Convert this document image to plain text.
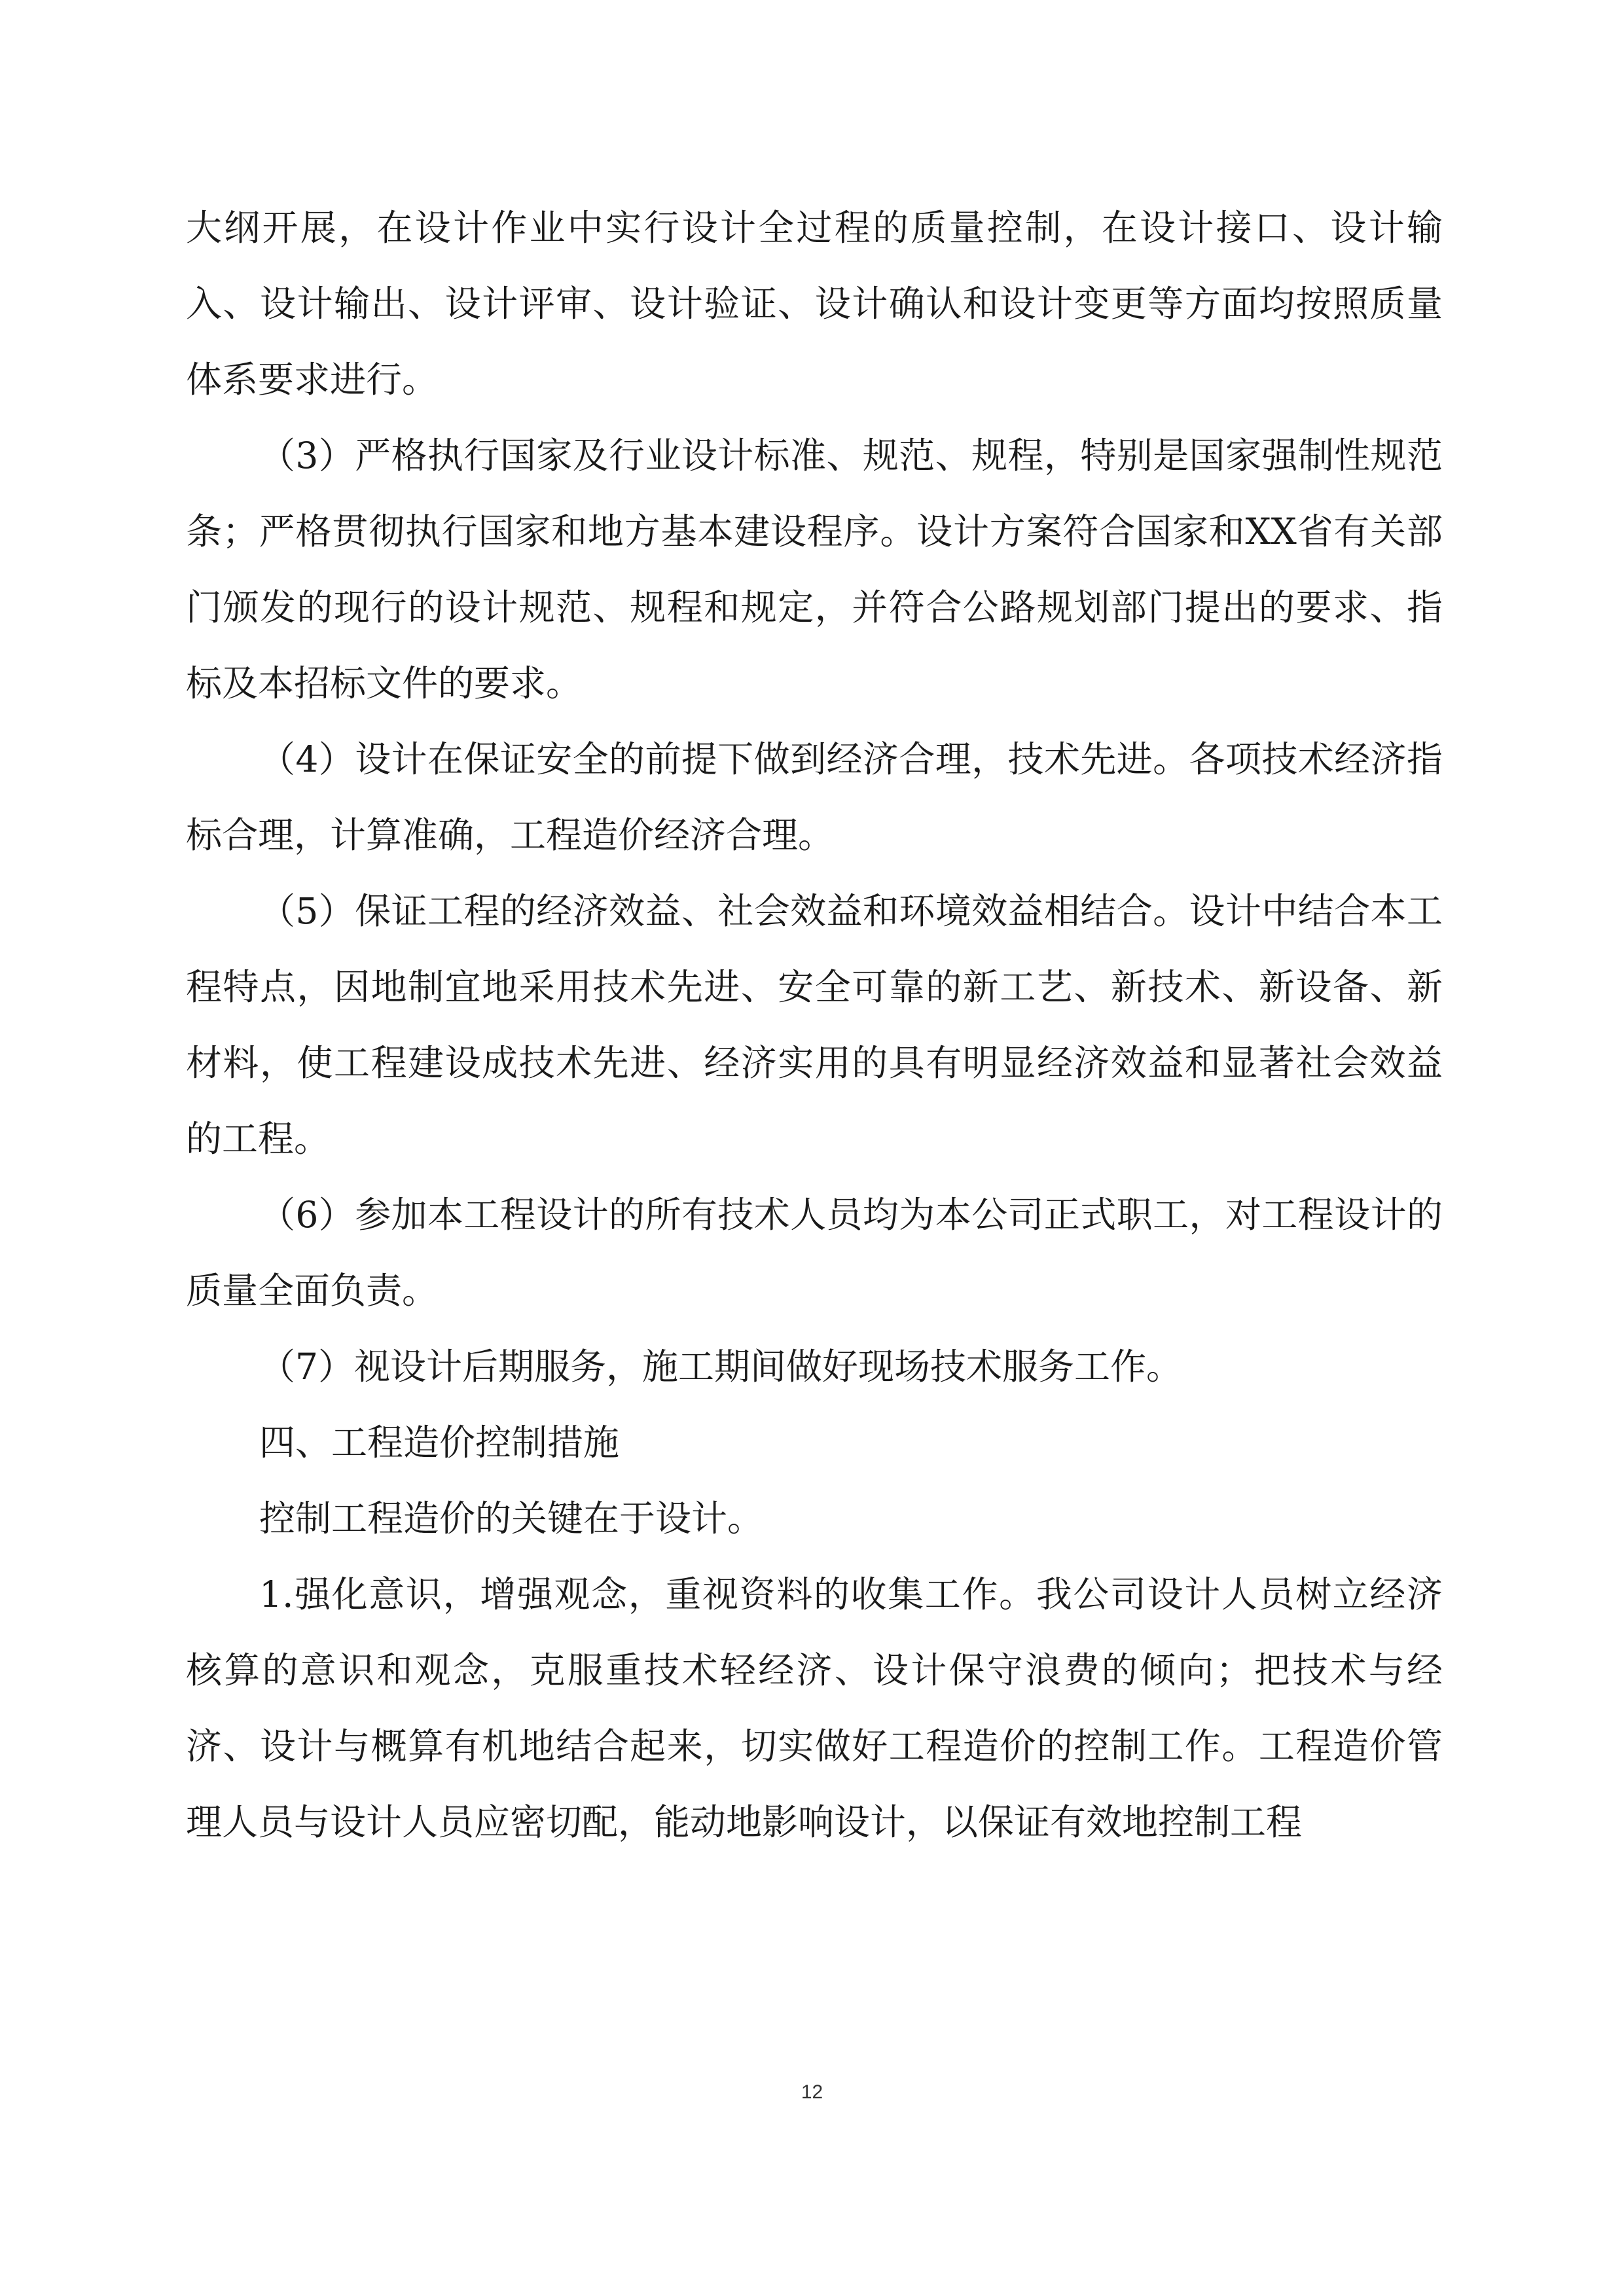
大纲开展，在设计作业中实行设计全过程的质量控制，在设计接口、设计输入、设计输出、设计评审、设计验证、设计确认和设计变更等方面均按照质量体系要求进行。

（3）严格执行国家及行业设计标准、规范、规程，特别是国家强制性规范条；严格贯彻执行国家和地方基本建设程序。设计方案符合国家和XX省有关部门颁发的现行的设计规范、规程和规定，并符合公路规划部门提出的要求、指标及本招标文件的要求。

（4）设计在保证安全的前提下做到经济合理，技术先进。各项技术经济指标合理，计算准确，工程造价经济合理。

（5）保证工程的经济效益、社会效益和环境效益相结合。设计中结合本工程特点，因地制宜地采用技术先进、安全可靠的新工艺、新技术、新设备、新材料，使工程建设成技术先进、经济实用的具有明显经济效益和显著社会效益的工程。

（6）参加本工程设计的所有技术人员均为本公司正式职工，对工程设计的质量全面负责。

（7）视设计后期服务，施工期间做好现场技术服务工作。

四、工程造价控制措施

控制工程造价的关键在于设计。

1.强化意识，增强观念，重视资料的收集工作。我公司设计人员树立经济核算的意识和观念，克服重技术轻经济、设计保守浪费的倾向；把技术与经济、设计与概算有机地结合起来，切实做好工程造价的控制工作。工程造价管理人员与设计人员应密切配，能动地影响设计，以保证有效地控制工程

12
